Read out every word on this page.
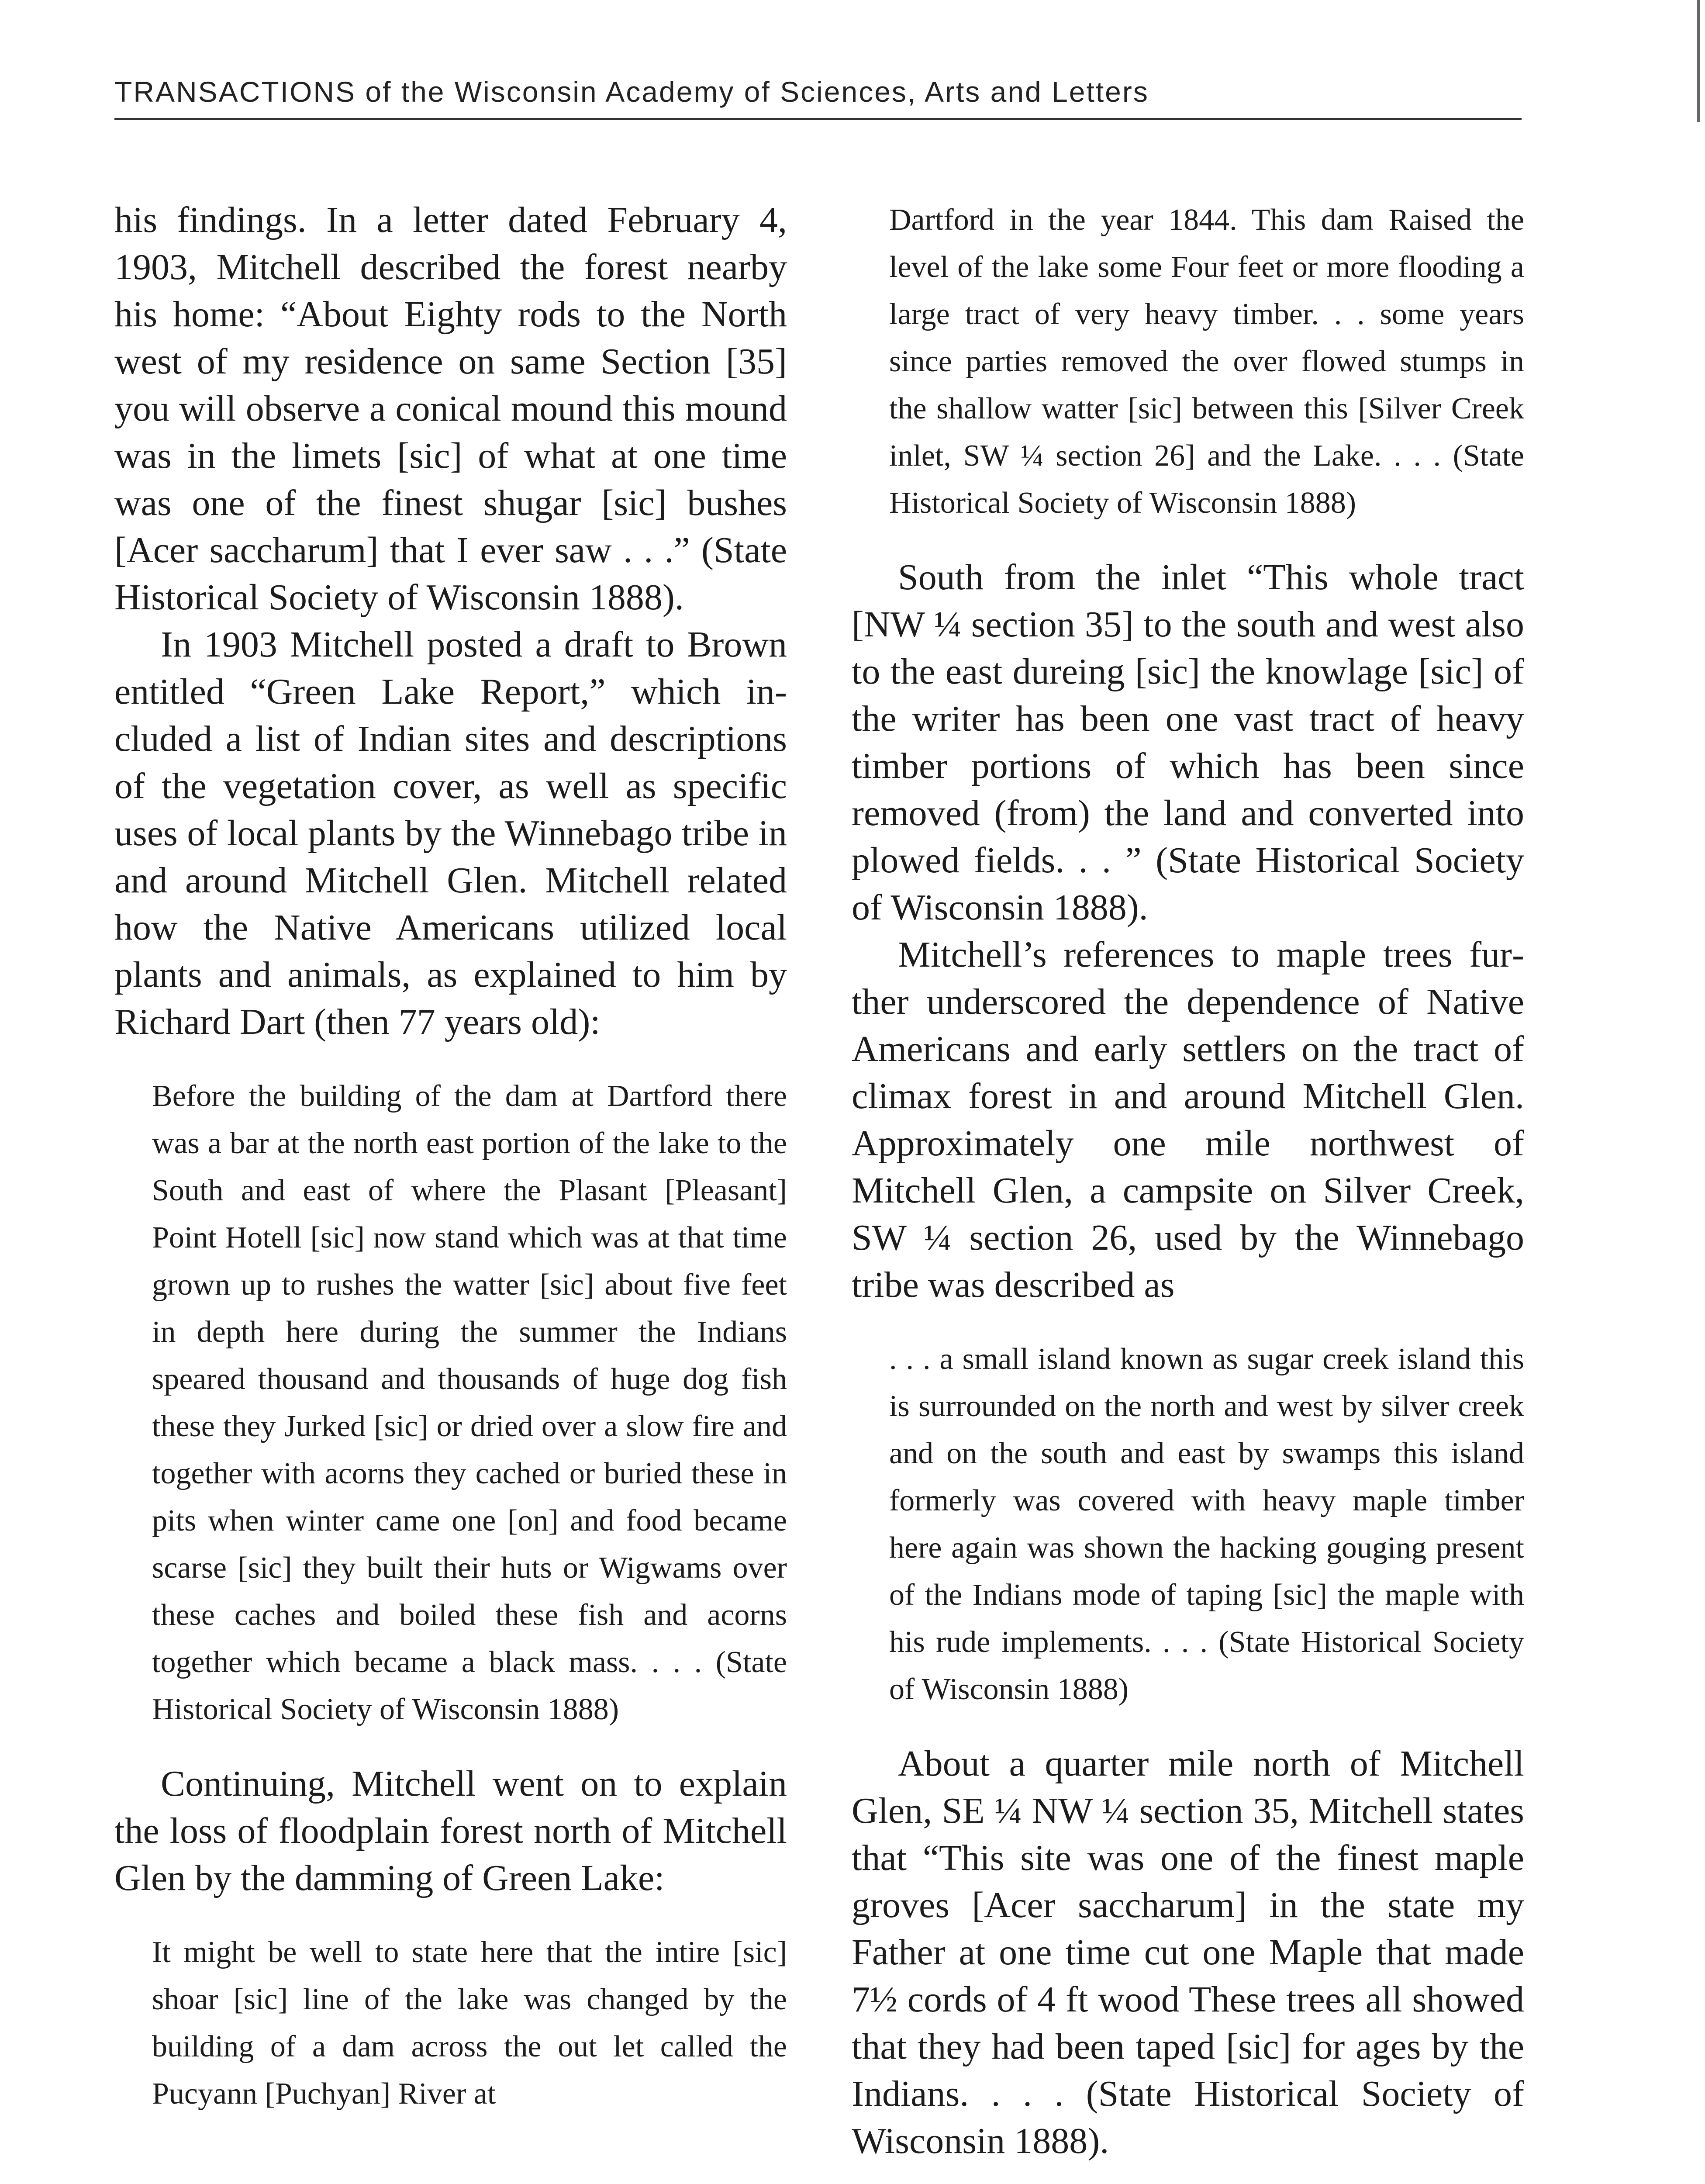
TRANSACTIONS of the Wisconsin Academy of Sciences, Arts and Letters

his findings. In a letter dated February 4, 1903, Mitchell described the forest nearby his home: “About Eighty rods to the North west of my residence on same Section [35] you will observe a conical mound this mound was in the limets [sic] of what at one time was one of the finest shugar [sic] bushes [Acer saccharum] that I ever saw . . .” (State Historical Society of Wisconsin 1888).

In 1903 Mitchell posted a draft to Brown entitled “Green Lake Report,” which included a list of Indian sites and descriptions of the vegetation cover, as well as specific uses of local plants by the Winnebago tribe in and around Mitchell Glen. Mitchell related how the Native Americans utilized local plants and animals, as explained to him by Richard Dart (then 77 years old):

Before the building of the dam at Dartford there was a bar at the north east portion of the lake to the South and east of where the Plasant [Pleasant] Point Hotell [sic] now stand which was at that time grown up to rushes the watter [sic] about five feet in depth here during the summer the Indians speared thousand and thousands of huge dog fish these they Jurked [sic] or dried over a slow fire and together with acorns they cached or buried these in pits when winter came one [on] and food became scarse [sic] they built their huts or Wigwams over these caches and boiled these fish and acorns together which became a black mass. . . . (State Historical Society of Wisconsin 1888)

Continuing, Mitchell went on to explain the loss of floodplain forest north of Mitchell Glen by the damming of Green Lake:

It might be well to state here that the intire [sic] shoar [sic] line of the lake was changed by the building of a dam across the out let called the Pucyann [Puchyan] River at

Dartford in the year 1844. This dam Raised the level of the lake some Four feet or more flooding a large tract of very heavy timber. . . some years since parties removed the over flowed stumps in the shallow watter [sic] between this [Silver Creek inlet, SW ¼ section 26] and the Lake. . . . (State Historical Society of Wisconsin 1888)

South from the inlet “This whole tract [NW ¼ section 35] to the south and west also to the east dureing [sic] the knowlage [sic] of the writer has been one vast tract of heavy timber portions of which has been since removed (from) the land and converted into plowed fields. . . ” (State Historical Society of Wisconsin 1888).

Mitchell’s references to maple trees further underscored the dependence of Native Americans and early settlers on the tract of climax forest in and around Mitchell Glen. Approximately one mile northwest of Mitchell Glen, a campsite on Silver Creek, SW ¼ section 26, used by the Winnebago tribe was described as

. . . a small island known as sugar creek island this is surrounded on the north and west by silver creek and on the south and east by swamps this island formerly was covered with heavy maple timber here again was shown the hacking gouging present of the Indians mode of taping [sic] the maple with his rude implements. . . . (State Historical Society of Wisconsin 1888)

About a quarter mile north of Mitchell Glen, SE ¼ NW ¼ section 35, Mitchell states that “This site was one of the finest maple groves [Acer saccharum] in the state my Father at one time cut one Maple that made 7½ cords of 4 ft wood These trees all showed that they had been taped [sic] for ages by the Indians. . . . (State Historical Society of Wisconsin 1888).
